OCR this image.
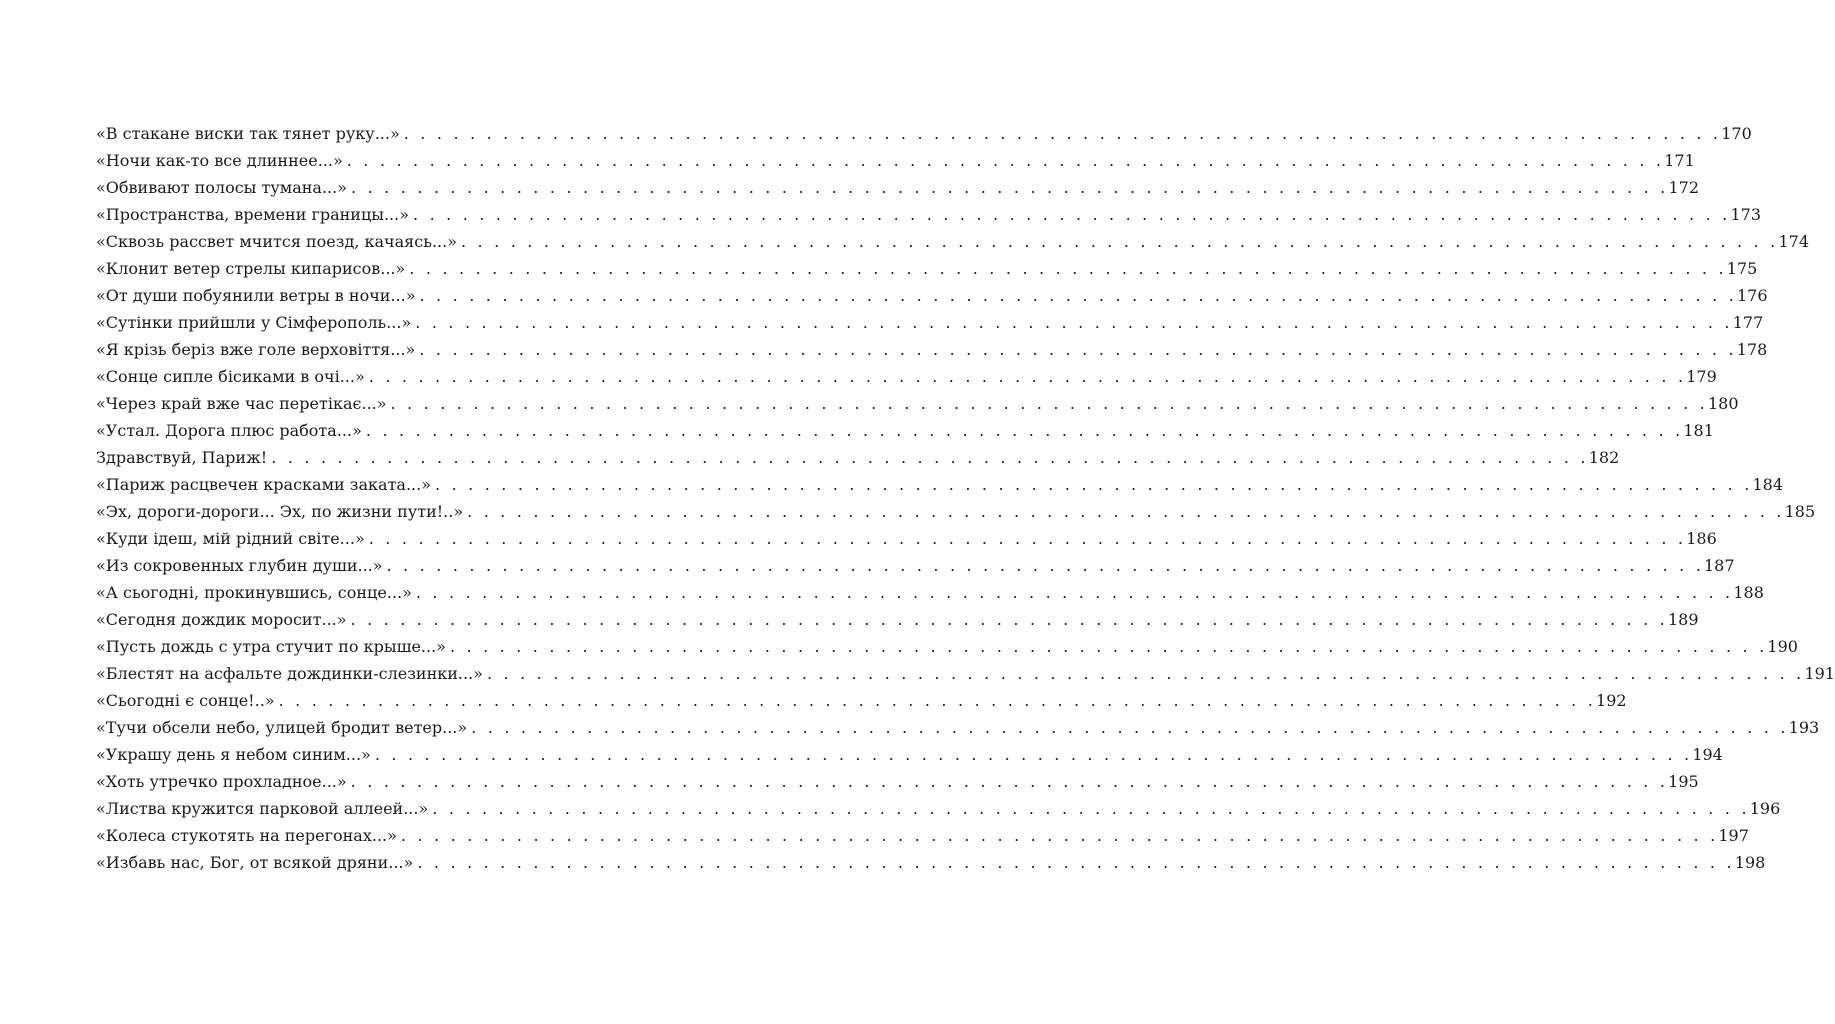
«В стакане виски так тянет руку...» . . . . . . . . . . . . . . . . . . . . . . . . . . . . . . . . . . . . . . . . . . . . . . . . . . . . . . . . . . . . . . . . . . . . . . . . . . . . . . . . 170
«Ночи как-то все длиннее...» . . . . . . . . . . . . . . . . . . . . . . . . . . . . . . . . . . . . . . . . . . . . . . . . . . . . . . . . . . . . . . . . . . . . . . . . . . . . . . . . 171
«Обвивают полосы тумана...» . . . . . . . . . . . . . . . . . . . . . . . . . . . . . . . . . . . . . . . . . . . . . . . . . . . . . . . . . . . . . . . . . . . . . . . . . . . . . . . . 172
«Пространства, времени границы...» . . . . . . . . . . . . . . . . . . . . . . . . . . . . . . . . . . . . . . . . . . . . . . . . . . . . . . . . . . . . . . . . . . . . . . . . . . . . . . . . 173
«Сквозь рассвет мчится поезд, качаясь...» . . . . . . . . . . . . . . . . . . . . . . . . . . . . . . . . . . . . . . . . . . . . . . . . . . . . . . . . . . . . . . . . . . . . . . . . . . . . . . . . 174
«Клонит ветер стрелы кипарисов...» . . . . . . . . . . . . . . . . . . . . . . . . . . . . . . . . . . . . . . . . . . . . . . . . . . . . . . . . . . . . . . . . . . . . . . . . . . . . . . . . 175
«От души побуянили ветры в ночи...» . . . . . . . . . . . . . . . . . . . . . . . . . . . . . . . . . . . . . . . . . . . . . . . . . . . . . . . . . . . . . . . . . . . . . . . . . . . . . . . . 176
«Сутінки прийшли у Сімферополь...» . . . . . . . . . . . . . . . . . . . . . . . . . . . . . . . . . . . . . . . . . . . . . . . . . . . . . . . . . . . . . . . . . . . . . . . . . . . . . . . . 177
«Я крізь беріз вже голе верховіття...» . . . . . . . . . . . . . . . . . . . . . . . . . . . . . . . . . . . . . . . . . . . . . . . . . . . . . . . . . . . . . . . . . . . . . . . . . . . . . . . . 178
«Сонце сипле бісиками в очі...» . . . . . . . . . . . . . . . . . . . . . . . . . . . . . . . . . . . . . . . . . . . . . . . . . . . . . . . . . . . . . . . . . . . . . . . . . . . . . . . . 179
«Через край вже час перетікає...» . . . . . . . . . . . . . . . . . . . . . . . . . . . . . . . . . . . . . . . . . . . . . . . . . . . . . . . . . . . . . . . . . . . . . . . . . . . . . . . . 180
«Устал. Дорога плюс работа...» . . . . . . . . . . . . . . . . . . . . . . . . . . . . . . . . . . . . . . . . . . . . . . . . . . . . . . . . . . . . . . . . . . . . . . . . . . . . . . . . 181
Здравствуй, Париж! . . . . . . . . . . . . . . . . . . . . . . . . . . . . . . . . . . . . . . . . . . . . . . . . . . . . . . . . . . . . . . . . . . . . . . . . . . . . . . . . 182
«Париж расцвечен красками заката...» . . . . . . . . . . . . . . . . . . . . . . . . . . . . . . . . . . . . . . . . . . . . . . . . . . . . . . . . . . . . . . . . . . . . . . . . . . . . . . . . 184
«Эх, дороги-дороги... Эх, по жизни пути!..» . . . . . . . . . . . . . . . . . . . . . . . . . . . . . . . . . . . . . . . . . . . . . . . . . . . . . . . . . . . . . . . . . . . . . . . . . . . . . . . . 185
«Куди ідеш, мій рідний світе...» . . . . . . . . . . . . . . . . . . . . . . . . . . . . . . . . . . . . . . . . . . . . . . . . . . . . . . . . . . . . . . . . . . . . . . . . . . . . . . . . 186
«Из сокровенных глубин души...» . . . . . . . . . . . . . . . . . . . . . . . . . . . . . . . . . . . . . . . . . . . . . . . . . . . . . . . . . . . . . . . . . . . . . . . . . . . . . . . . 187
«А сьогодні, прокинувшись, сонце...» . . . . . . . . . . . . . . . . . . . . . . . . . . . . . . . . . . . . . . . . . . . . . . . . . . . . . . . . . . . . . . . . . . . . . . . . . . . . . . . . 188
«Сегодня дождик моросит...» . . . . . . . . . . . . . . . . . . . . . . . . . . . . . . . . . . . . . . . . . . . . . . . . . . . . . . . . . . . . . . . . . . . . . . . . . . . . . . . . 189
«Пусть дождь с утра стучит по крыше...» . . . . . . . . . . . . . . . . . . . . . . . . . . . . . . . . . . . . . . . . . . . . . . . . . . . . . . . . . . . . . . . . . . . . . . . . . . . . . . . . 190
«Блестят на асфальте дождинки-слезинки...» . . . . . . . . . . . . . . . . . . . . . . . . . . . . . . . . . . . . . . . . . . . . . . . . . . . . . . . . . . . . . . . . . . . . . . . . . . . . . . . . 191
«Сьогодні є сонце!..» . . . . . . . . . . . . . . . . . . . . . . . . . . . . . . . . . . . . . . . . . . . . . . . . . . . . . . . . . . . . . . . . . . . . . . . . . . . . . . . . 192
«Тучи обсели небо, улицей бродит ветер...» . . . . . . . . . . . . . . . . . . . . . . . . . . . . . . . . . . . . . . . . . . . . . . . . . . . . . . . . . . . . . . . . . . . . . . . . . . . . . . . . 193
«Украшу день я небом синим...» . . . . . . . . . . . . . . . . . . . . . . . . . . . . . . . . . . . . . . . . . . . . . . . . . . . . . . . . . . . . . . . . . . . . . . . . . . . . . . . . 194
«Хоть утречко прохладное...» . . . . . . . . . . . . . . . . . . . . . . . . . . . . . . . . . . . . . . . . . . . . . . . . . . . . . . . . . . . . . . . . . . . . . . . . . . . . . . . . 195
«Листва кружится парковой аллеей...» . . . . . . . . . . . . . . . . . . . . . . . . . . . . . . . . . . . . . . . . . . . . . . . . . . . . . . . . . . . . . . . . . . . . . . . . . . . . . . . . 196
«Колеса стукотять на перегонах...» . . . . . . . . . . . . . . . . . . . . . . . . . . . . . . . . . . . . . . . . . . . . . . . . . . . . . . . . . . . . . . . . . . . . . . . . . . . . . . . . 197
«Избавь нас, Бог, от всякой дряни...» . . . . . . . . . . . . . . . . . . . . . . . . . . . . . . . . . . . . . . . . . . . . . . . . . . . . . . . . . . . . . . . . . . . . . . . . . . . . . . . . 198
